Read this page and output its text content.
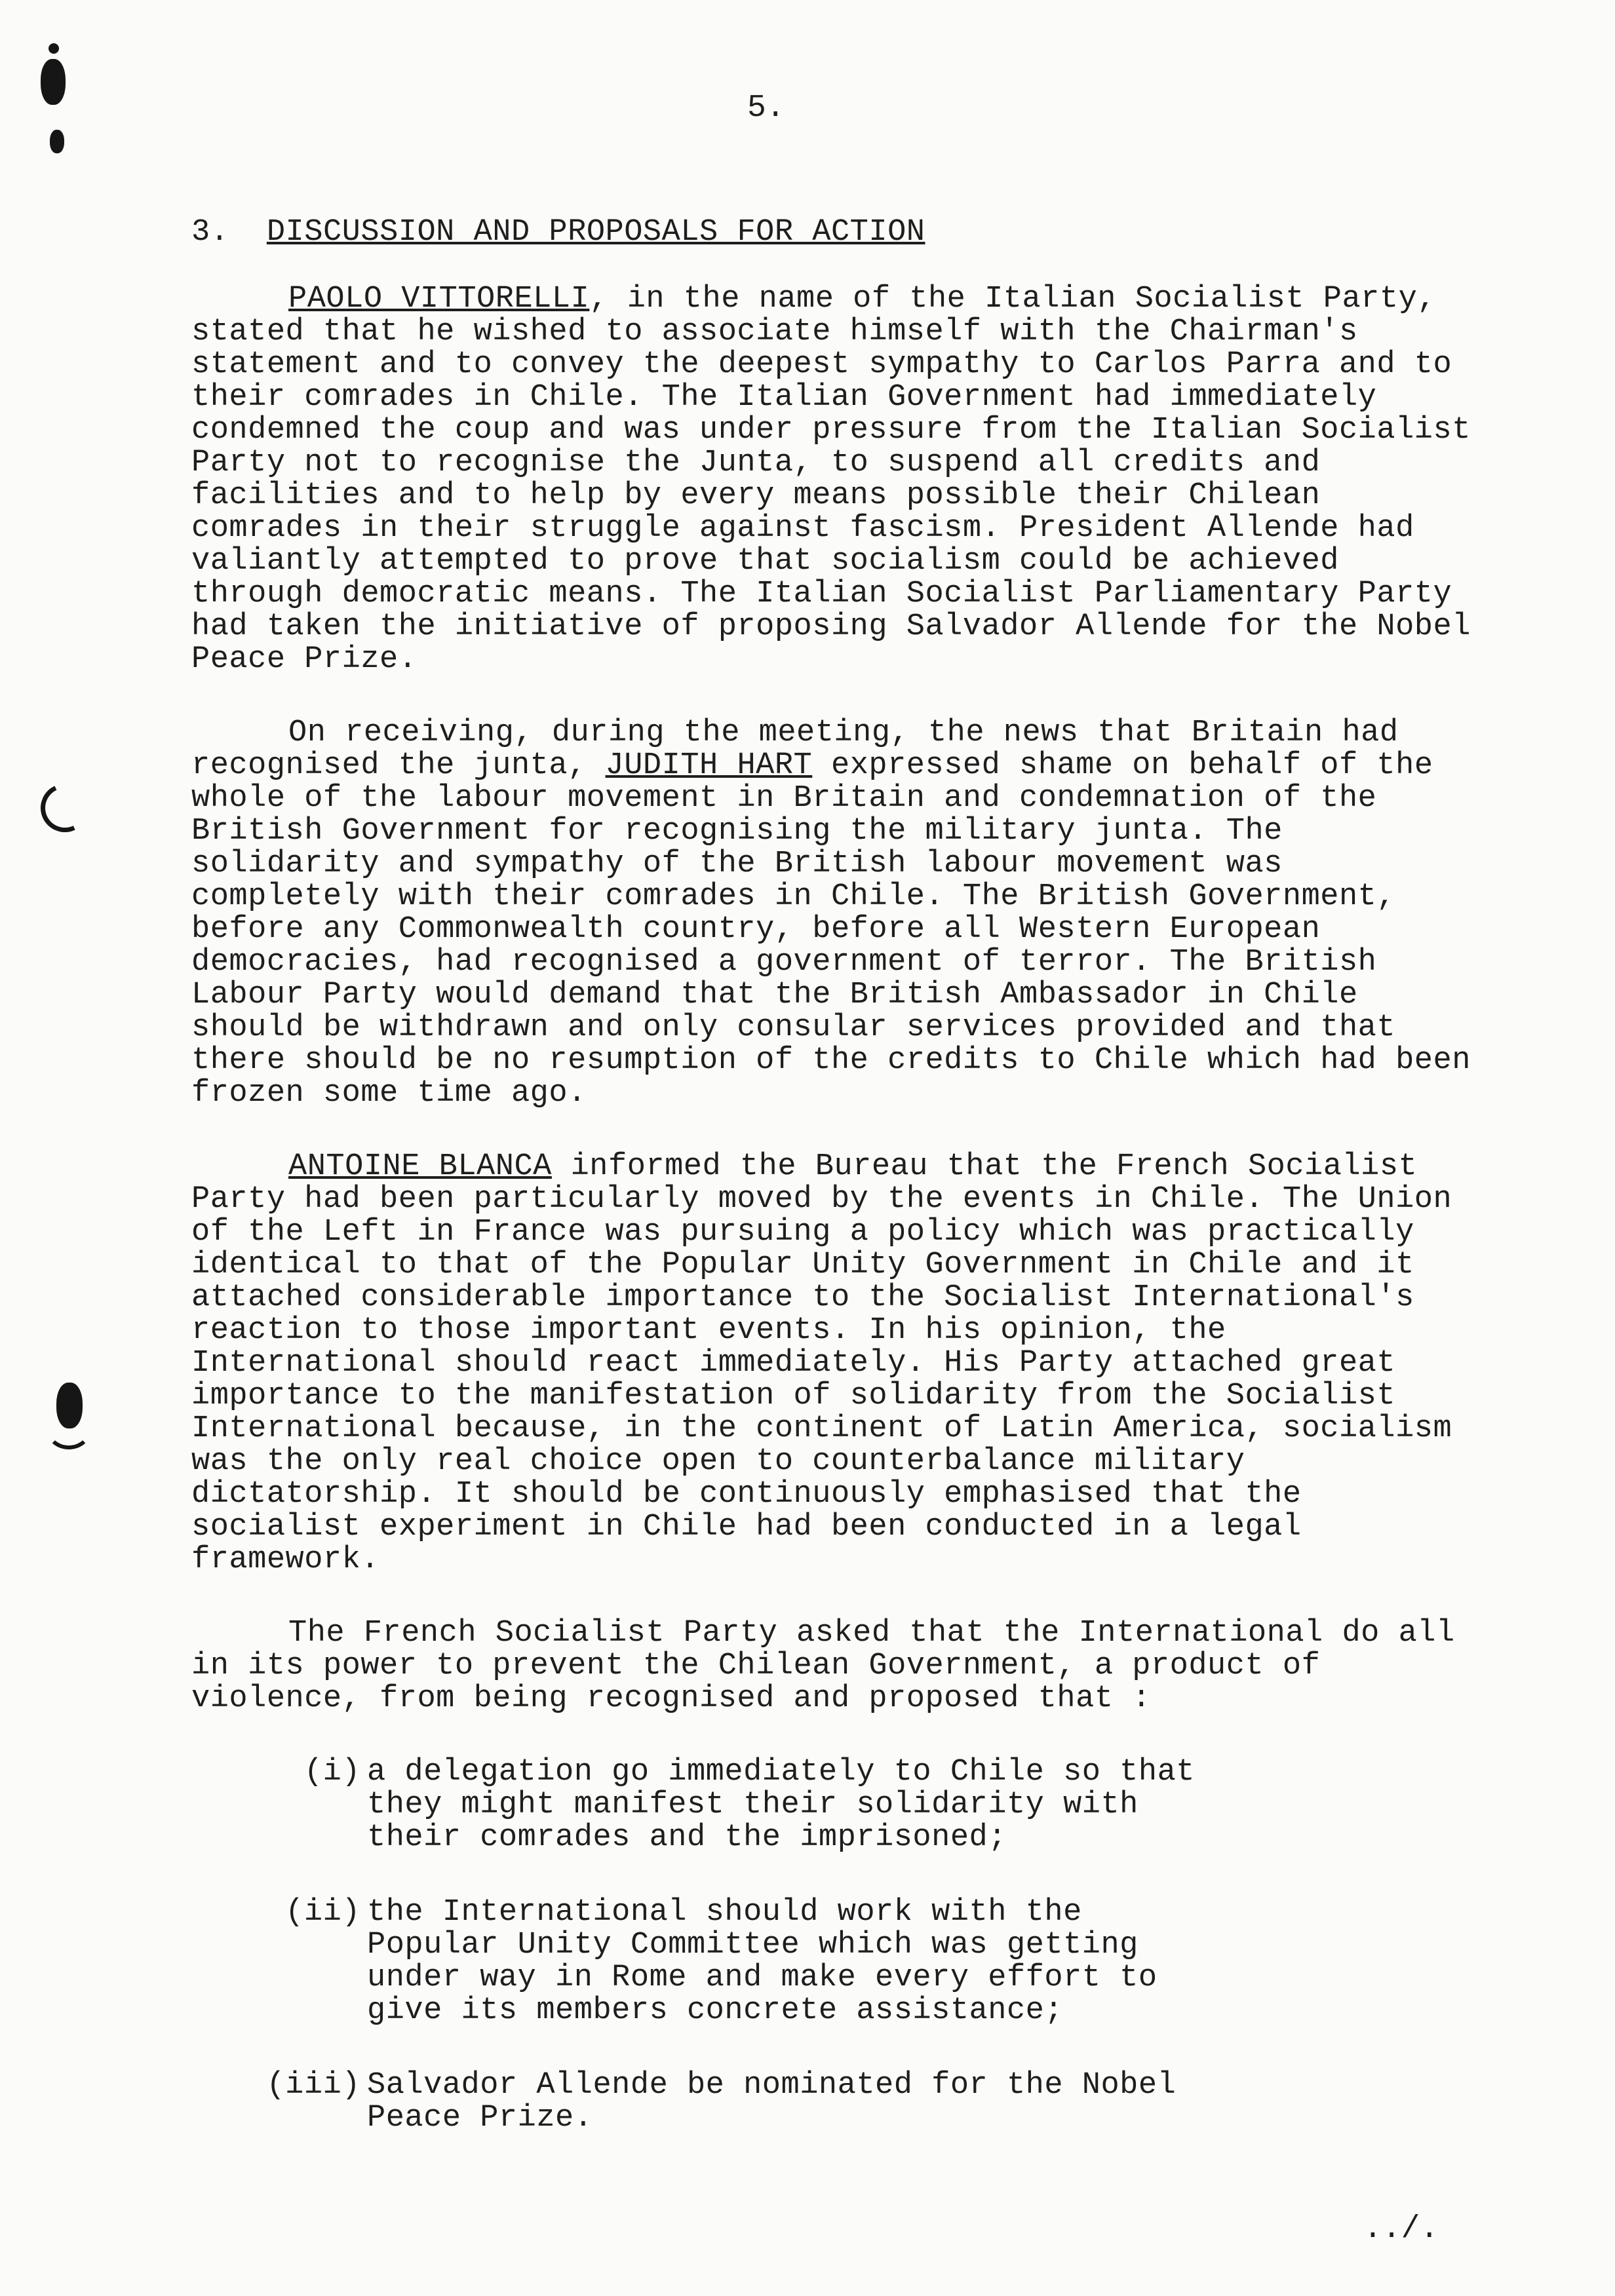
5.
3. DISCUSSION AND PROPOSALS FOR ACTION

PAOLO VITTORELLI, in the name of the Italian Socialist Party, stated that he wished to associate himself with the Chairman's statement and to convey the deepest sympathy to Carlos Parra and to their comrades in Chile. The Italian Government had immediately condemned the coup and was under pressure from the Italian Socialist Party not to recognise the Junta, to suspend all credits and facilities and to help by every means possible their Chilean comrades in their struggle against fascism. President Allende had valiantly attempted to prove that socialism could be achieved through democratic means. The Italian Socialist Parliamentary Party had taken the initiative of proposing Salvador Allende for the Nobel Peace Prize.

On receiving, during the meeting, the news that Britain had recognised the junta, JUDITH HART expressed shame on behalf of the whole of the labour movement in Britain and condemnation of the British Government for recognising the military junta. The solidarity and sympathy of the British labour movement was completely with their comrades in Chile. The British Government, before any Commonwealth country, before all Western European democracies, had recognised a government of terror. The British Labour Party would demand that the British Ambassador in Chile should be withdrawn and only consular services provided and that there should be no resumption of the credits to Chile which had been frozen some time ago.

ANTOINE BLANCA informed the Bureau that the French Socialist Party had been particularly moved by the events in Chile. The Union of the Left in France was pursuing a policy which was practically identical to that of the Popular Unity Government in Chile and it attached considerable importance to the Socialist International's reaction to those important events. In his opinion, the International should react immediately. His Party attached great importance to the manifestation of solidarity from the Socialist International because, in the continent of Latin America, socialism was the only real choice open to counterbalance military dictatorship. It should be continuously emphasised that the socialist experiment in Chile had been conducted in a legal framework.

The French Socialist Party asked that the International do all in its power to prevent the Chilean Government, a product of violence, from being recognised and proposed that :

(i) a delegation go immediately to Chile so that they might manifest their solidarity with their comrades and the imprisoned;
(ii) the International should work with the Popular Unity Committee which was getting under way in Rome and make every effort to give its members concrete assistance;
(iii) Salvador Allende be nominated for the Nobel Peace Prize.
../.
